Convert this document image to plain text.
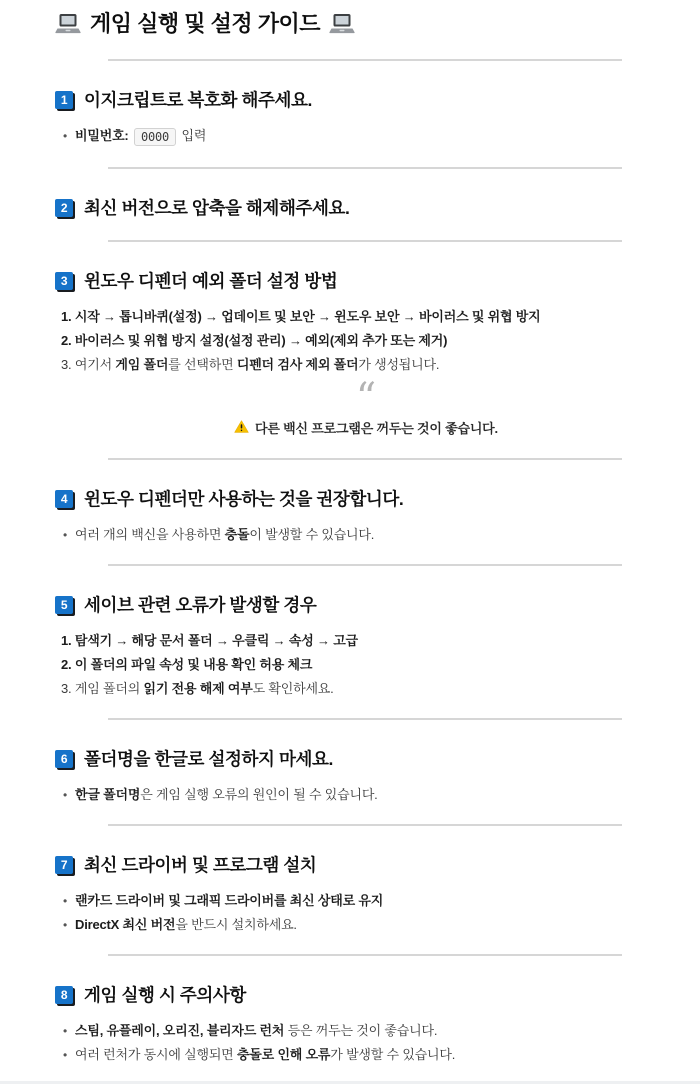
게임 실행 및 설정 가이드
1 이지크립트로 복호화 해주세요.
• 비밀번호: 0000 입력
2 최신 버전으로 압축을 해제해주세요.
3 윈도우 디펜더 예외 폴더 설정 방법
시작 → 톱니바퀴(설정) → 업데이트 및 보안 → 윈도우 보안 → 바이러스 및 위협 방지
바이러스 및 위협 방지 설정(설정 관리) → 예외(제외 추가 또는 제거)
여기서 게임 폴더를 선택하면 디펜더 검사 제외 폴더가 생성됩니다.
“
다른 백신 프로그램은 꺼두는 것이 좋습니다.
4 윈도우 디펜더만 사용하는 것을 권장합니다.
• 여러 개의 백신을 사용하면 충돌이 발생할 수 있습니다.
5 세이브 관련 오류가 발생할 경우
탐색기 → 해당 문서 폴더 → 우클릭 → 속성 → 고급
이 폴더의 파일 속성 및 내용 확인 허용 체크
게임 폴더의 읽기 전용 해제 여부도 확인하세요.
6 폴더명을 한글로 설정하지 마세요.
• 한글 폴더명은 게임 실행 오류의 원인이 될 수 있습니다.
7 최신 드라이버 및 프로그램 설치
• 랜카드 드라이버 및 그래픽 드라이버를 최신 상태로 유지
• DirectX 최신 버전을 반드시 설치하세요.
8 게임 실행 시 주의사항
• 스팀, 유플레이, 오리진, 블리자드 런처 등은 꺼두는 것이 좋습니다.
• 여러 런처가 동시에 실행되면 충돌로 인해 오류가 발생할 수 있습니다.
